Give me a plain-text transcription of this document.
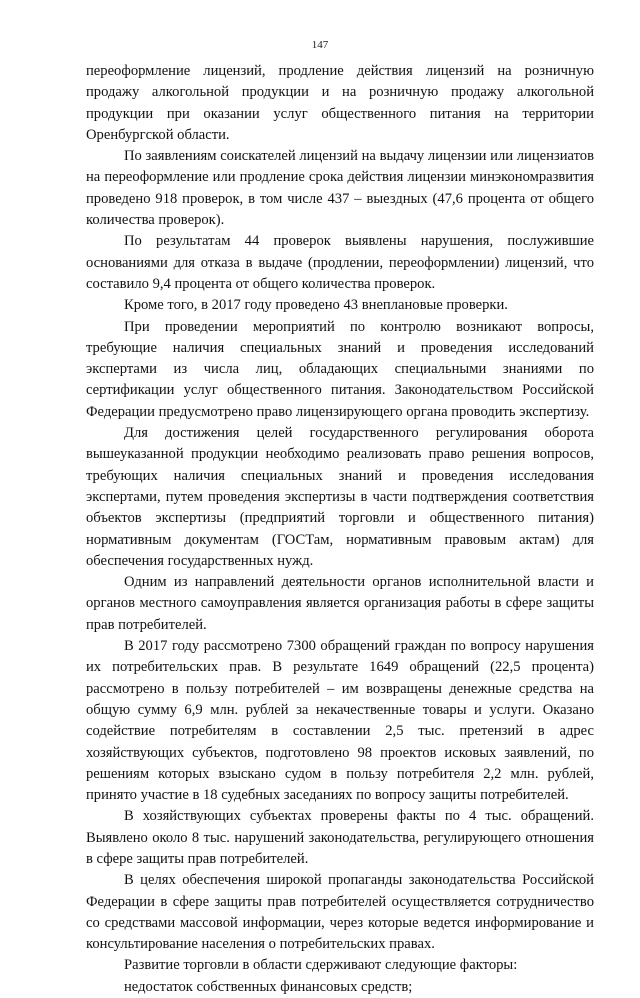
147

переоформление лицензий, продление действия лицензий на розничную продажу алкогольной продукции и на розничную продажу алкогольной продукции при оказании услуг общественного питания на территории Оренбургской области.

По заявлениям соискателей лицензий на выдачу лицензии или лицензиатов на переоформление или продление срока действия лицензии минэкономразвития проведено 918 проверок, в том числе 437 – выездных (47,6 процента от общего количества проверок).

По результатам 44 проверок выявлены нарушения, послужившие основаниями для отказа в выдаче (продлении, переоформлении) лицензий, что составило 9,4 процента от общего количества проверок.

Кроме того, в 2017 году проведено 43 внеплановые проверки.

При проведении мероприятий по контролю возникают вопросы, требующие наличия специальных знаний и проведения исследований экспертами из числа лиц, обладающих специальными знаниями по сертификации услуг общественного питания. Законодательством Российской Федерации предусмотрено право лицензирующего органа проводить экспертизу.

Для достижения целей государственного регулирования оборота вышеуказанной продукции необходимо реализовать право решения вопросов, требующих наличия специальных знаний и проведения исследования экспертами, путем проведения экспертизы в части подтверждения соответствия объектов экспертизы (предприятий торговли и общественного питания) нормативным документам (ГОСТам, нормативным правовым актам) для обеспечения государственных нужд.

Одним из направлений деятельности органов исполнительной власти и органов местного самоуправления является организация работы в сфере защиты прав потребителей.

В 2017 году рассмотрено 7300 обращений граждан по вопросу нарушения их потребительских прав. В результате 1649 обращений (22,5 процента) рассмотрено в пользу потребителей – им возвращены денежные средства на общую сумму 6,9 млн. рублей за некачественные товары и услуги. Оказано содействие потребителям в составлении 2,5 тыс. претензий в адрес хозяйствующих субъектов, подготовлено 98 проектов исковых заявлений, по решениям которых взыскано судом в пользу потребителя 2,2 млн. рублей, принято участие в 18 судебных заседаниях по вопросу защиты потребителей.

В хозяйствующих субъектах проверены факты по 4 тыс. обращений. Выявлено около 8 тыс. нарушений законодательства, регулирующего отношения в сфере защиты прав потребителей.

В целях обеспечения широкой пропаганды законодательства Российской Федерации в сфере защиты прав потребителей осуществляется сотрудничество со средствами массовой информации, через которые ведется информирование и консультирование населения о потребительских правах.

Развитие торговли в области сдерживают следующие факторы:

недостаток собственных финансовых средств;
